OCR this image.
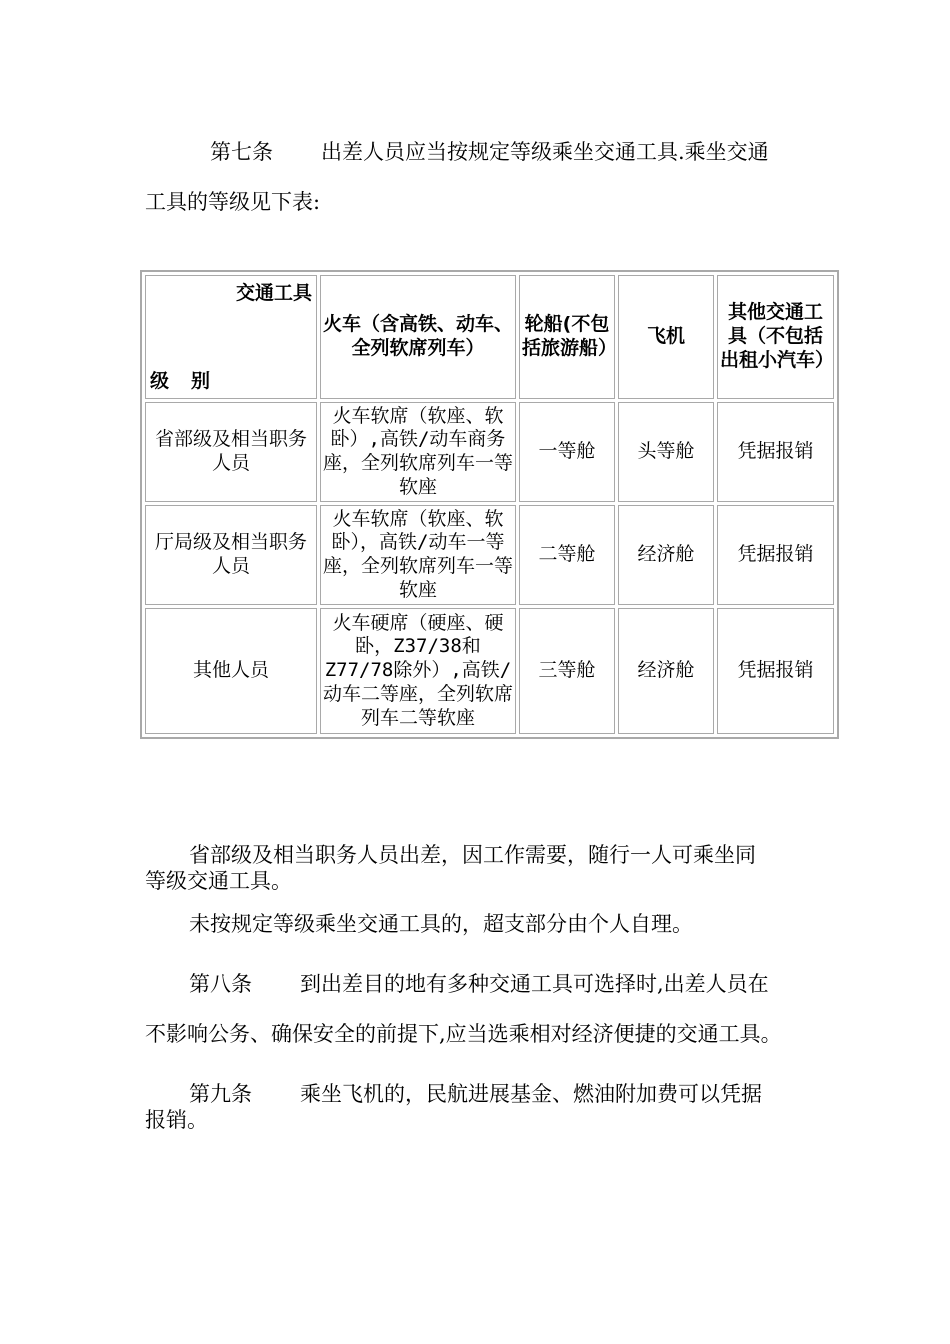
第七条 出差人员应当按规定等级乘坐交通工具.乘坐交通
工具的等级见下表:
交通工具
级 别	火车（含高铁、动车、全列软席列车）	轮船(不包括旅游船）	飞机	其他交通工具（不包括出租小汽车）
省部级及相当职务人员	火车软席（软座、软卧）,高铁/动车商务座，全列软席列车一等软座	一等舱	头等舱	凭据报销
厅局级及相当职务人员	火车软席（软座、软卧），高铁/动车一等座，全列软席列车一等软座	二等舱	经济舱	凭据报销
其他人员	火车硬席（硬座、硬卧，Z37/38和Z77/78除外）,高铁/动车二等座，全列软席列车二等软座	三等舱	经济舱	凭据报销
省部级及相当职务人员出差，因工作需要，随行一人可乘坐同
等级交通工具。
未按规定等级乘坐交通工具的，超支部分由个人自理。
第八条 到出差目的地有多种交通工具可选择时,出差人员在
不影响公务、确保安全的前提下,应当选乘相对经济便捷的交通工具。
第九条 乘坐飞机的，民航进展基金、燃油附加费可以凭据
报销。
